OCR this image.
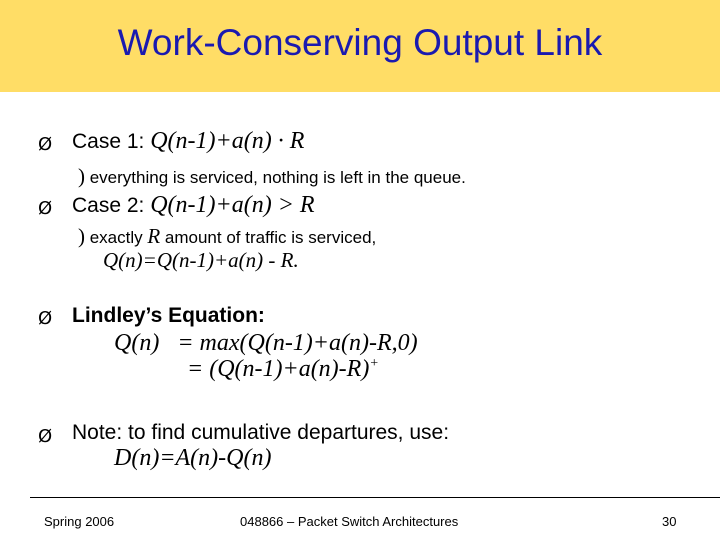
Work-Conserving Output Link
Ø Case 1: Q(n-1)+a(n) · R
) everything is serviced, nothing is left in the queue.
Ø Case 2: Q(n-1)+a(n) > R
) exactly R amount of traffic is serviced,
Q(n)=Q(n-1)+a(n) - R.
Ø Lindley’s Equation:
Q(n)   = max(Q(n-1)+a(n)-R,0)
= (Q(n-1)+a(n)-R)+
Ø Note: to find cumulative departures, use:
D(n)=A(n)-Q(n)
Spring 2006	048866 – Packet Switch Architectures	30
